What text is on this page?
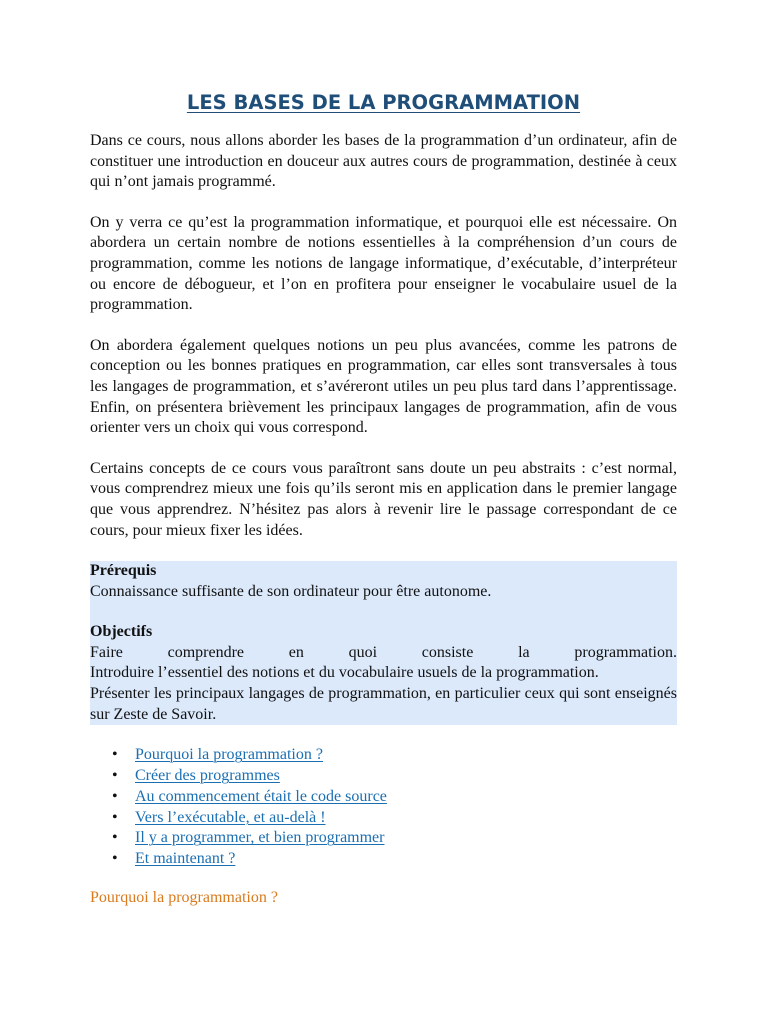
LES BASES DE LA PROGRAMMATION

Dans ce cours, nous allons aborder les bases de la programmation d’un ordinateur, afin de constituer une introduction en douceur aux autres cours de programmation, destinée à ceux qui n’ont jamais programmé.

On y verra ce qu’est la programmation informatique, et pourquoi elle est nécessaire. On abordera un certain nombre de notions essentielles à la compréhension d’un cours de programmation, comme les notions de langage informatique, d’exécutable, d’interpréteur ou encore de débogueur, et l’on en profitera pour enseigner le vocabulaire usuel de la programmation.

On abordera également quelques notions un peu plus avancées, comme les patrons de conception ou les bonnes pratiques en programmation, car elles sont transversales à tous les langages de programmation, et s’avéreront utiles un peu plus tard dans l’apprentissage. Enfin, on présentera brièvement les principaux langages de programmation, afin de vous orienter vers un choix qui vous correspond.

Certains concepts de ce cours vous paraîtront sans doute un peu abstraits : c’est normal, vous comprendrez mieux une fois qu’ils seront mis en application dans le premier langage que vous apprendrez. N’hésitez pas alors à revenir lire le passage correspondant de ce cours, pour mieux fixer les idées.

Prérequis
Connaissance suffisante de son ordinateur pour être autonome.
Objectifs
Faire comprendre en quoi consiste la programmation.
Introduire l’essentiel des notions et du vocabulaire usuels de la programmation.
Présenter les principaux langages de programmation, en particulier ceux qui sont enseignés sur Zeste de Savoir.
• Pourquoi la programmation ?
• Créer des programmes
• Au commencement était le code source
• Vers l’exécutable, et au-delà !
• Il y a programmer, et bien programmer
• Et maintenant ?
Pourquoi la programmation ?
